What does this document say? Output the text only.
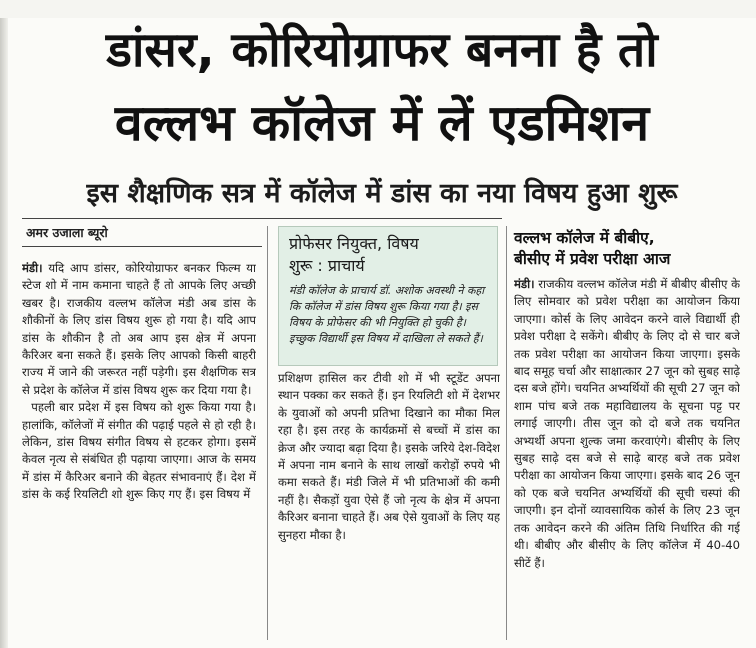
डांसर, कोरियोग्राफर बनना है तो
वल्लभ कॉलेज में लें एडमिशन
इस शैक्षणिक सत्र में कॉलेज में डांस का नया विषय हुआ शुरू
अमर उजाला ब्यूरो

मंडी। यदि आप डांसर, कोरियोग्राफर बनकर फिल्म या स्टेज शो में नाम कमाना चाहते हैं तो आपके लिए अच्छी खबर है। राजकीय वल्लभ कॉलेज मंडी अब डांस के शौकीनों के लिए डांस विषय शुरू हो गया है। यदि आप डांस के शौकीन है तो अब आप इस क्षेत्र में अपना कैरिअर बना सकते हैं। इसके लिए आपको किसी बाहरी राज्य में जाने की जरूरत नहीं पड़ेगी। इस शैक्षणिक सत्र से प्रदेश के कॉलेज में डांस विषय शुरू कर दिया गया है।

पहली बार प्रदेश में इस विषय को शुरू किया गया है। हालांकि, कॉलेजों में संगीत की पढ़ाई पहले से हो रही है। लेकिन, डांस विषय संगीत विषय से हटकर होगा। इसमें केवल नृत्य से संबंधित ही पढ़ाया जाएगा। आज के समय में डांस में कैरिअर बनाने की बेहतर संभावनाएं हैं। देश में डांस के कई रियलिटी शो शुरू किए गए हैं। इस विषय में

प्रोफेसर नियुक्त, विषय
शुरू : प्राचार्य

मंडी कॉलेज के प्राचार्य डॉ. अशोक अवस्थी ने कहा कि कॉलेज में डांस विषय शुरू किया गया है। इस विषय के प्रोफेसर की भी नियुक्ति हो चुकी है। इच्छुक विद्यार्थी इस विषय में दाखिला ले सकते हैं।

प्रशिक्षण हासिल कर टीवी शो में भी स्टूडेंट अपना स्थान पक्का कर सकते हैं। इन रियलिटी शो में देशभर के युवाओं को अपनी प्रतिभा दिखाने का मौका मिल रहा है। इस तरह के कार्यक्रमों से बच्चों में डांस का क्रेज और ज्यादा बढ़ा दिया है। इसके जरिये देश-विदेश में अपना नाम बनाने के साथ लाखों करोड़ों रुपये भी कमा सकते हैं। मंडी जिले में भी प्रतिभाओं की कमी नहीं है। सैकड़ों युवा ऐसे हैं जो नृत्य के क्षेत्र में अपना कैरिअर बनाना चाहते हैं। अब ऐसे युवाओं के लिए यह सुनहरा मौका है।

वल्लभ कॉलेज में बीबीए,
बीसीए में प्रवेश परीक्षा आज

मंडी। राजकीय वल्लभ कॉलेज मंडी में बीबीए बीसीए के लिए सोमवार को प्रवेश परीक्षा का आयोजन किया जाएगा। कोर्स के लिए आवेदन करने वाले विद्यार्थी ही प्रवेश परीक्षा दे सकेंगे। बीबीए के लिए दो से चार बजे तक प्रवेश परीक्षा का आयोजन किया जाएगा। इसके बाद समूह चर्चा और साक्षात्कार 27 जून को सुबह साढ़े दस बजे होंगे। चयनित अभ्यर्थियों की सूची 27 जून को शाम पांच बजे तक महाविद्यालय के सूचना पट्ट पर लगाई जाएगी। तीस जून को दो बजे तक चयनित अभ्यर्थी अपना शुल्क जमा करवाएंगे। बीसीए के लिए सुबह साढ़े दस बजे से साढ़े बारह बजे तक प्रवेश परीक्षा का आयोजन किया जाएगा। इसके बाद 26 जून को एक बजे चयनित अभ्यर्थियों की सूची चस्पां की जाएगी। इन दोनों व्यावसायिक कोर्स के लिए 23 जून तक आवेदन करने की अंतिम तिथि निर्धारित की गई थी। बीबीए और बीसीए के लिए कॉलेज में 40-40 सीटें हैं।
